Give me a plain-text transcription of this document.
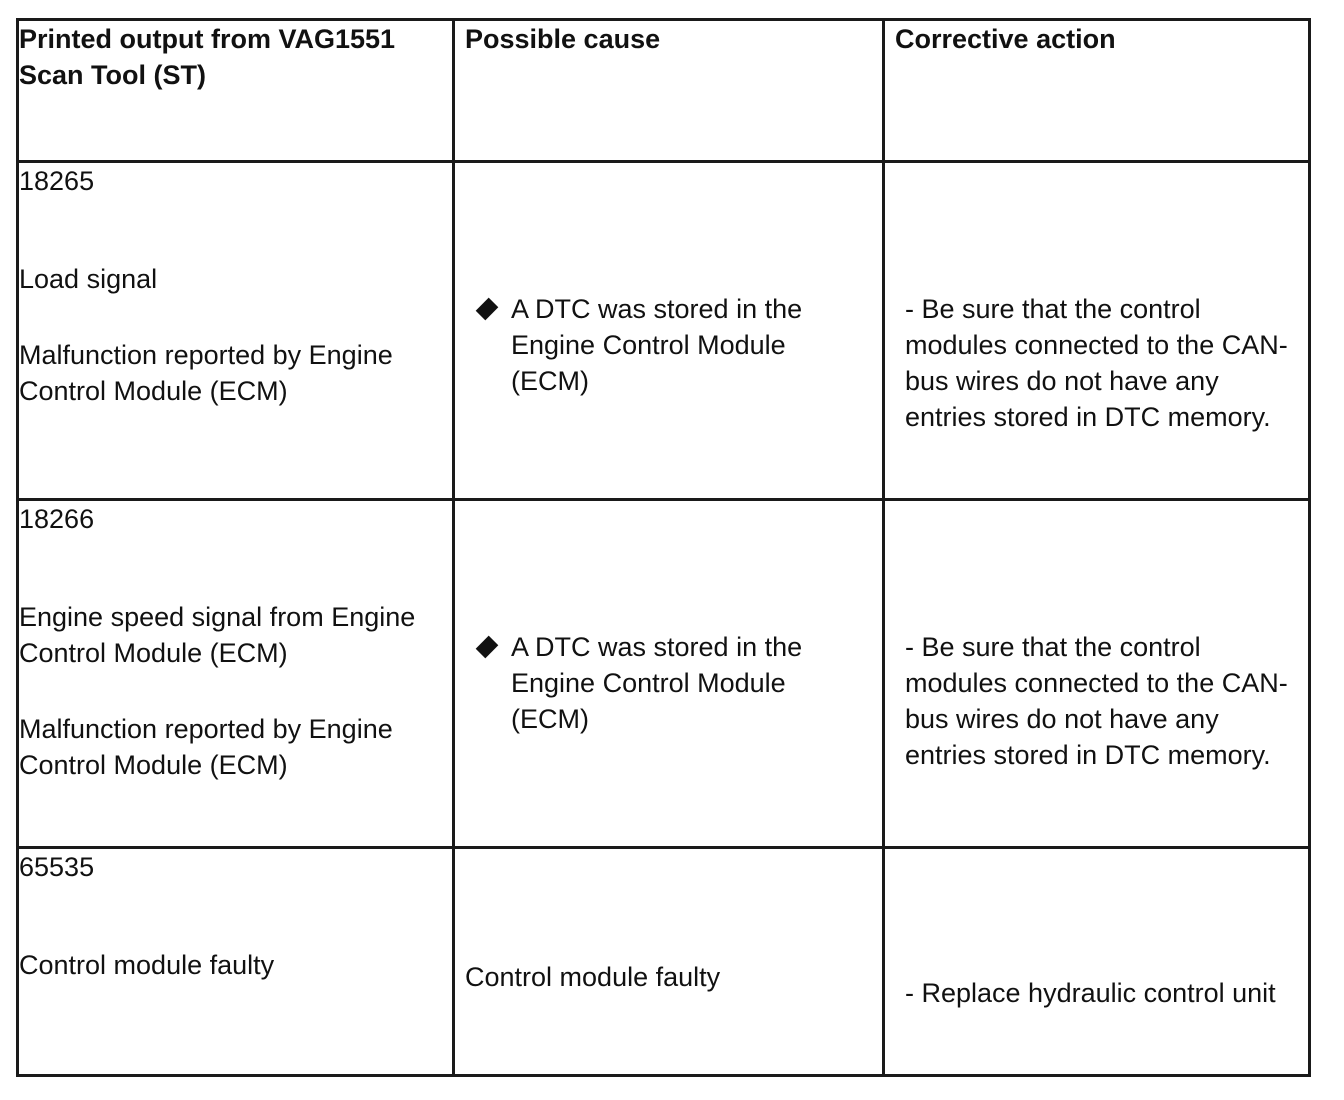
Printed output from VAG1551 Scan Tool (ST)	Possible cause	Corrective action

18265
Load signal
Malfunction reported by Engine Control Module (ECM)	A DTC was stored in the Engine Control Module (ECM)	- Be sure that the control modules connected to the CAN-bus wires do not have any entries stored in DTC memory.

18266
Engine speed signal from Engine Control Module (ECM)
Malfunction reported by Engine Control Module (ECM)	A DTC was stored in the Engine Control Module (ECM)	- Be sure that the control modules connected to the CAN-bus wires do not have any entries stored in DTC memory.

65535
Control module faulty	Control module faulty	- Replace hydraulic control unit
